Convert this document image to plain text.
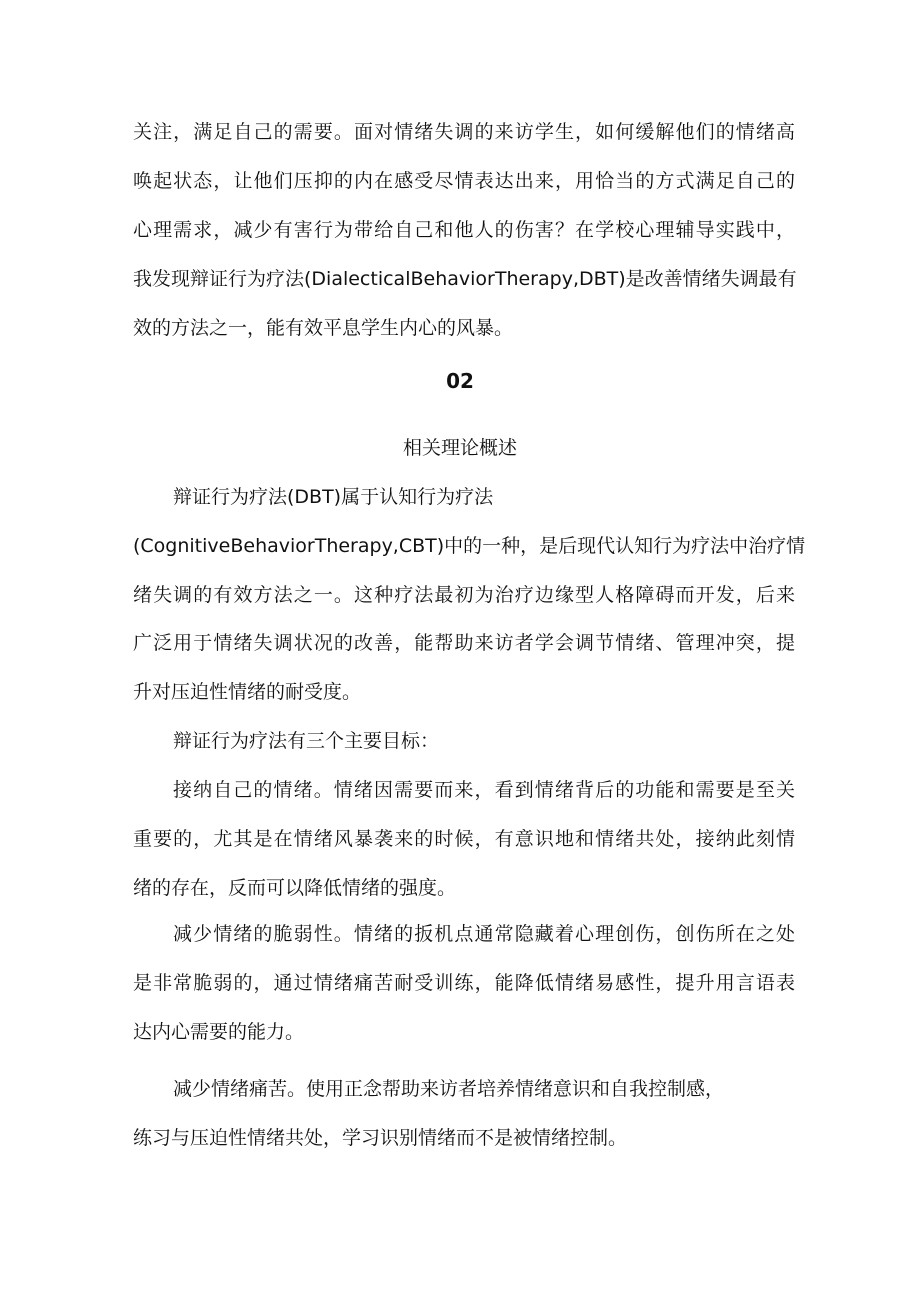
关注，满足自己的需要。面对情绪失调的来访学生，如何缓解他们的情绪高
唤起状态，让他们压抑的内在感受尽情表达出来，用恰当的方式满足自己的
心理需求，减少有害行为带给自己和他人的伤害？在学校心理辅导实践中，
我发现辩证行为疗法(DialecticalBehaviorTherapy,DBT)是改善情绪失调最有
效的方法之一，能有效平息学生内心的风暴。
02
相关理论概述
辩证行为疗法(DBT)属于认知行为疗法
(CognitiveBehaviorTherapy,CBT)中的一种，是后现代认知行为疗法中治疗情
绪失调的有效方法之一。这种疗法最初为治疗边缘型人格障碍而开发，后来
广泛用于情绪失调状况的改善，能帮助来访者学会调节情绪、管理冲突，提
升对压迫性情绪的耐受度。
辩证行为疗法有三个主要目标：
接纳自己的情绪。情绪因需要而来，看到情绪背后的功能和需要是至关
重要的，尤其是在情绪风暴袭来的时候，有意识地和情绪共处，接纳此刻情
绪的存在，反而可以降低情绪的强度。
减少情绪的脆弱性。情绪的扳机点通常隐藏着心理创伤，创伤所在之处
是非常脆弱的，通过情绪痛苦耐受训练，能降低情绪易感性，提升用言语表
达内心需要的能力。
减少情绪痛苦。使用正念帮助来访者培养情绪意识和自我控制感，
练习与压迫性情绪共处，学习识别情绪而不是被情绪控制。
